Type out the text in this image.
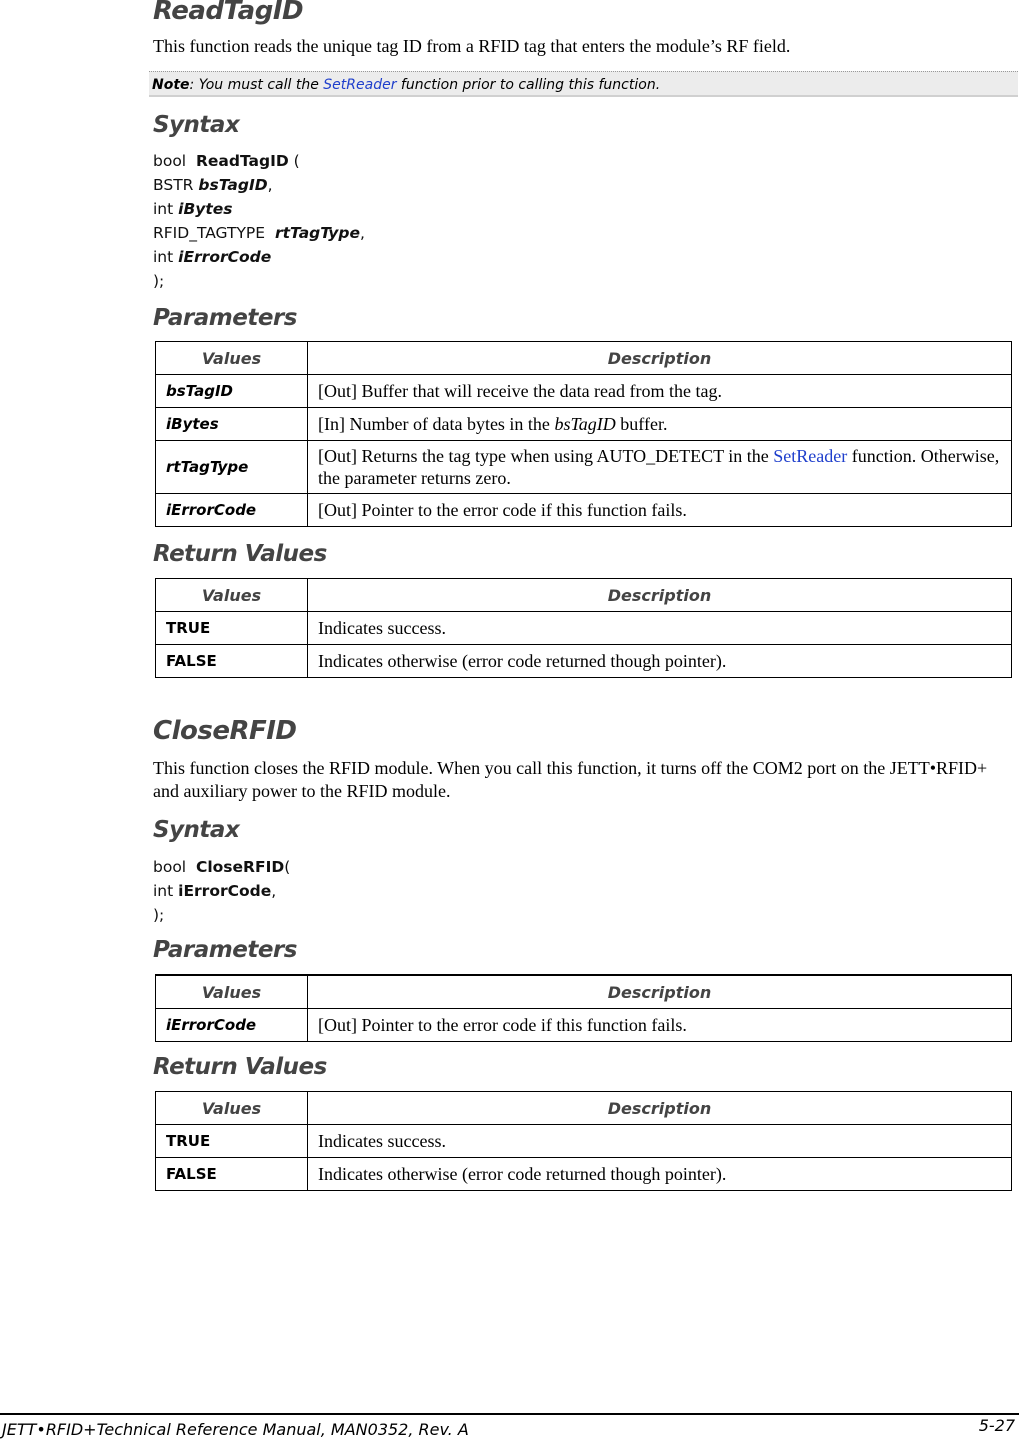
ReadTagID

This function reads the unique tag ID from a RFID tag that enters the module’s RF field.

Note: You must call the SetReader function prior to calling this function.
Syntax
bool  ReadTagID (
BSTR bsTagID,
int iBytes
RFID_TAGTYPE  rtTagType,
int iErrorCode
);
Parameters
Values	Description
bsTagID	[Out] Buffer that will receive the data read from the tag.
iBytes	[In] Number of data bytes in the bsTagID buffer.
rtTagType	[Out] Returns the tag type when using AUTO_DETECT in the SetReader function. Otherwise, the parameter returns zero.
iErrorCode	[Out] Pointer to the error code if this function fails.
Return Values
Values	Description
TRUE	Indicates success.
FALSE	Indicates otherwise (error code returned though pointer).
CloseRFID

This function closes the RFID module. When you call this function, it turns off the COM2 port on the JETT•RFID+ and auxiliary power to the RFID module.

Syntax
bool  CloseRFID(
int iErrorCode,
);
Parameters
Values	Description
iErrorCode	[Out] Pointer to the error code if this function fails.
Return Values
Values	Description
TRUE	Indicates success.
FALSE	Indicates otherwise (error code returned though pointer).
JETT•RFID+Technical Reference Manual, MAN0352, Rev. A	5-27
